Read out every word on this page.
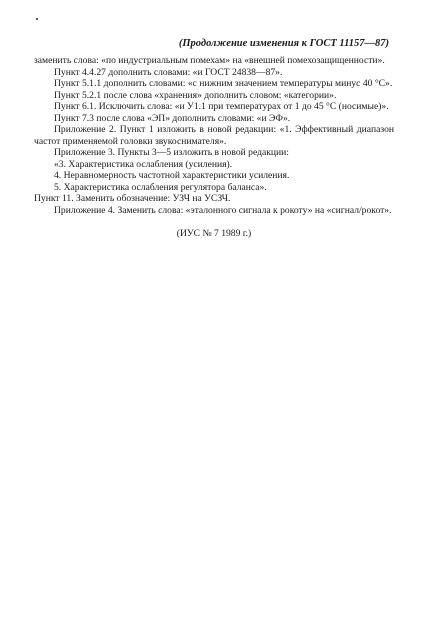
(Продолжение изменения к ГОСТ 11157—87)

заменить слова: «по индустриальным помехам» на «внешней помехозащищенности».

Пункт 4.4.27 дополнить словами: «и ГОСТ 24838—87».

Пункт 5.1.1 дополнить словами: «с нижним значением температуры минус 40 °С».

Пункт 5.2.1 после слова «хранения» дополнить словом: «категории».

Пункт 6.1. Исключить слова: «и У1.1 при температурах от 1 до 45 °С (носимые)».

Пункт 7.3 после слова «ЭП» дополнить словами: «и ЭФ».

Приложение 2. Пункт 1 изложить в новой редакции: «1. Эффективный диапазон частот применяемой головки звукоснимателя».

Приложение 3. Пункты 3—5 изложить в новой редакции:

«3. Характеристика ослабления (усиления).

4. Неравномерность частотной характеристики усиления.

5. Характеристика ослабления регулятора баланса».

Пункт 11. Заменить обозначение: УЗЧ на УСЗЧ.

Приложение 4. Заменить слова: «эталонного сигнала к рокоту» на «сигнал/рокот».

(ИУС № 7 1989 г.)
